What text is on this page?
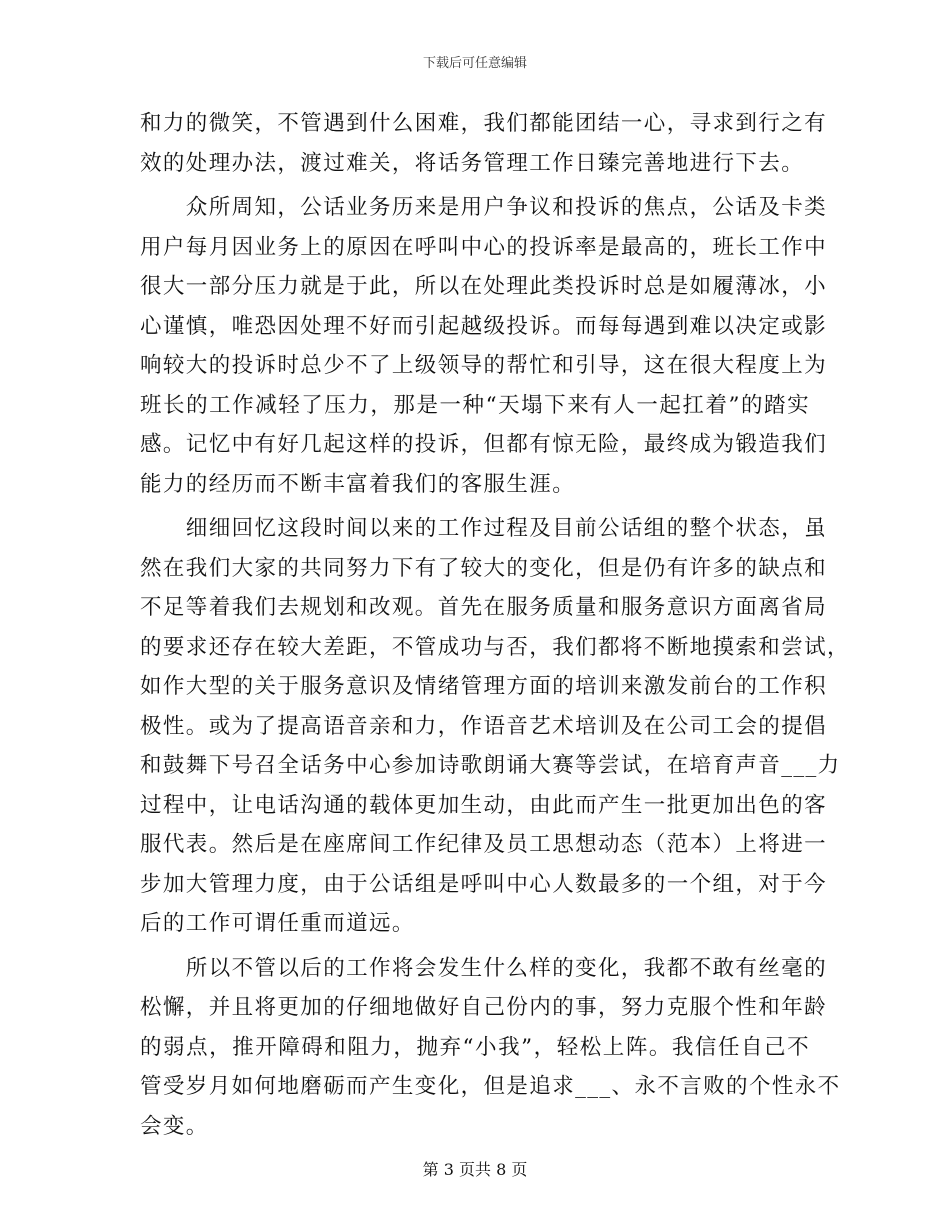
下载后可任意编辑
和力的微笑，不管遇到什么困难，我们都能团结一心，寻求到行之有
效的处理办法，渡过难关，将话务管理工作日臻完善地进行下去。
　　众所周知，公话业务历来是用户争议和投诉的焦点，公话及卡类
用户每月因业务上的原因在呼叫中心的投诉率是最高的，班长工作中
很大一部分压力就是于此，所以在处理此类投诉时总是如履薄冰，小
心谨慎，唯恐因处理不好而引起越级投诉。而每每遇到难以决定或影
响较大的投诉时总少不了上级领导的帮忙和引导，这在很大程度上为
班长的工作减轻了压力，那是一种“天塌下来有人一起扛着”的踏实
感。记忆中有好几起这样的投诉，但都有惊无险，最终成为锻造我们
能力的经历而不断丰富着我们的客服生涯。
　　细细回忆这段时间以来的工作过程及目前公话组的整个状态，虽
然在我们大家的共同努力下有了较大的变化，但是仍有许多的缺点和
不足等着我们去规划和改观。首先在服务质量和服务意识方面离省局
的要求还存在较大差距，不管成功与否，我们都将不断地摸索和尝试，
如作大型的关于服务意识及情绪管理方面的培训来激发前台的工作积
极性。或为了提高语音亲和力，作语音艺术培训及在公司工会的提倡
和鼓舞下号召全话务中心参加诗歌朗诵大赛等尝试，在培育声音___力
过程中，让电话沟通的载体更加生动，由此而产生一批更加出色的客
服代表。然后是在座席间工作纪律及员工思想动态（范本）上将进一
步加大管理力度，由于公话组是呼叫中心人数最多的一个组，对于今
后的工作可谓任重而道远。
　　所以不管以后的工作将会发生什么样的变化，我都不敢有丝毫的
松懈，并且将更加的仔细地做好自己份内的事，努力克服个性和年龄
的弱点，推开障碍和阻力，抛弃“小我”，轻松上阵。我信任自己不
管受岁月如何地磨砺而产生变化，但是追求___、永不言败的个性永不
会变。
第 3 页共 8 页
